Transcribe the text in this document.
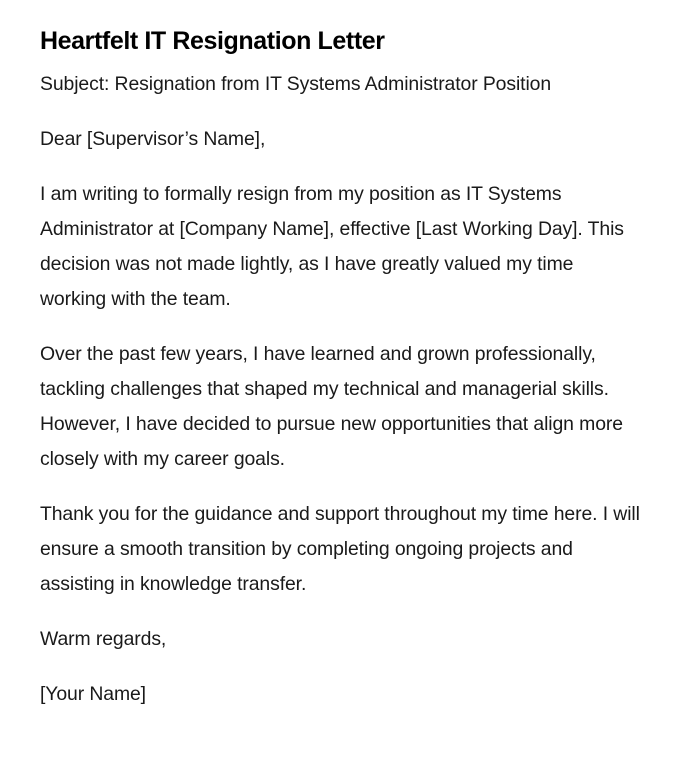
Heartfelt IT Resignation Letter

Subject: Resignation from IT Systems Administrator Position

Dear [Supervisor’s Name],

I am writing to formally resign from my position as IT Systems Administrator at [Company Name], effective [Last Working Day]. This decision was not made lightly, as I have greatly valued my time working with the team.

Over the past few years, I have learned and grown professionally, tackling challenges that shaped my technical and managerial skills. However, I have decided to pursue new opportunities that align more closely with my career goals.

Thank you for the guidance and support throughout my time here. I will ensure a smooth transition by completing ongoing projects and assisting in knowledge transfer.

Warm regards,

[Your Name]
